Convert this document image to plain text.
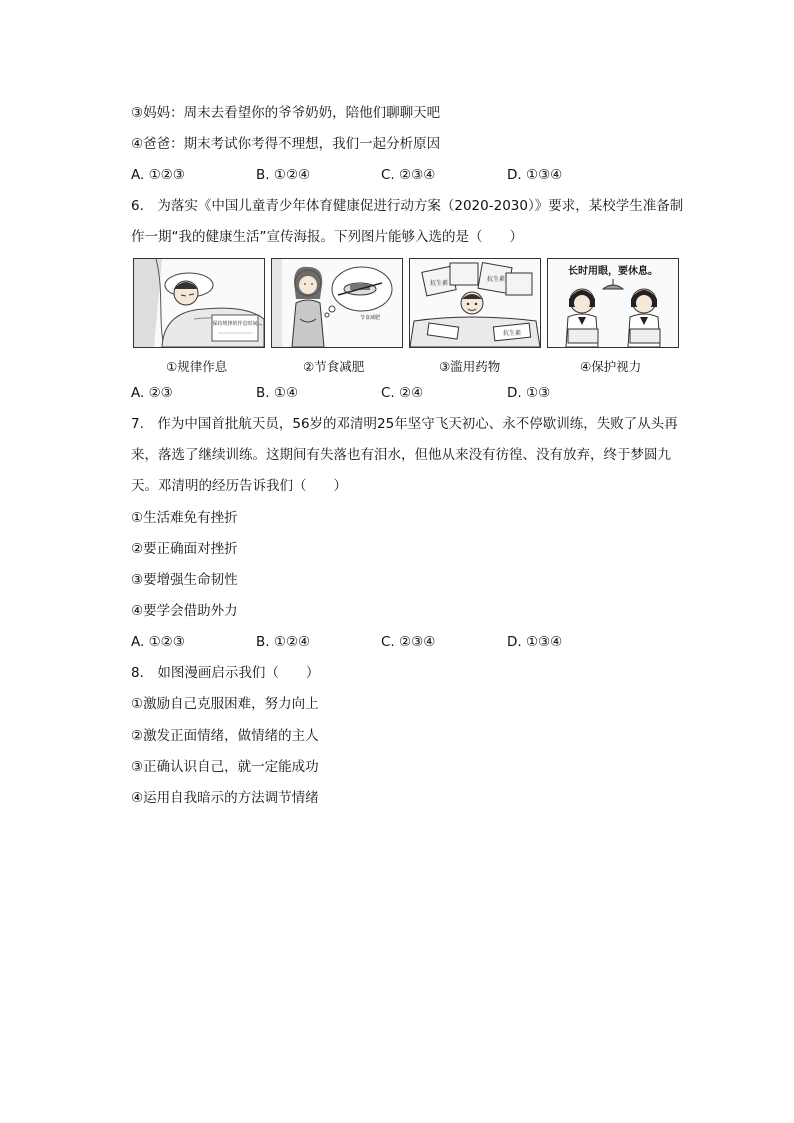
③妈妈：周末去看望你的爷爷奶奶，陪他们聊聊天吧
④爸爸：期末考试你考得不理想，我们一起分析原因
A. ①②③	B. ①②④	C. ②③④	D. ①③④
6.　为落实《中国儿童青少年体育健康促进行动方案（2020-2030）》要求，某校学生准备制
作一期“我的健康生活”宣传海报。下列图片能够入选的是（　　）
保持规律的作息时间
①规律作息
节食减肥
②节食减肥
抗生素
抗生素
抗生素
③滥用药物
长时用眼，要休息。
④保护视力
A. ②③	B. ①④	C. ②④	D. ①③
7.　作为中国首批航天员，56岁的邓清明25年坚守飞天初心、永不停歇训练，失败了从头再
来，落选了继续训练。这期间有失落也有泪水，但他从来没有彷徨、没有放弃，终于梦圆九
天。邓清明的经历告诉我们（　　）
①生活难免有挫折
②要正确面对挫折
③要增强生命韧性
④要学会借助外力
A. ①②③	B. ①②④	C. ②③④	D. ①③④
8.　如图漫画启示我们（　　）
①激励自己克服困难，努力向上
②激发正面情绪，做情绪的主人
③正确认识自己，就一定能成功
④运用自我暗示的方法调节情绪
